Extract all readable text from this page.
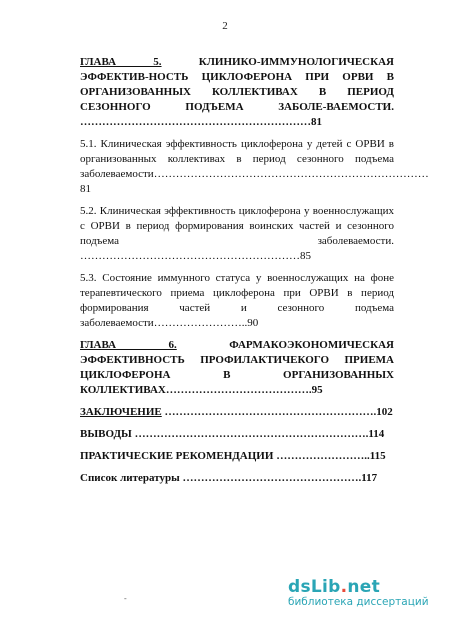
2
ГЛАВА 5. КЛИНИКО-ИММУНОЛОГИЧЕСКАЯ ЭФФЕКТИВ-НОСТЬ ЦИКЛОФЕРОНА ПРИ ОРВИ В ОРГАНИЗОВАННЫХ КОЛЛЕКТИВАХ В ПЕРИОД СЕЗОННОГО ПОДЪЕМА ЗАБОЛЕ-ВАЕМОСТИ. ………………………………………………………81
5.1. Клиническая эффективность циклоферона у детей с ОРВИ в организованных коллективах в период сезонного подъема заболеваемости…………………………………………………………………81
5.2. Клиническая эффективность циклоферона у военнослужащих с ОРВИ в период формирования воинских частей и сезонного подъема заболеваемости. ……………………………………………………85
5.3. Состояние иммунного статуса у военнослужащих на фоне терапевтического приема циклоферона при ОРВИ в период формирования частей и сезонного подъема заболеваемости……………………..90
ГЛАВА 6. ФАРМАКОЭКОНОМИЧЕСКАЯ ЭФФЕКТИВНОСТЬ ПРОФИЛАКТИЧЕКОГО ПРИЕМА ЦИКЛОФЕРОНА В ОРГАНИЗОВАННЫХ КОЛЛЕКТИВАХ………………………………….95
ЗАКЛЮЧЕНИЕ ………………………………………………….102
ВЫВОДЫ ……………………………………………………….114
ПРАКТИЧЕСКИЕ РЕКОМЕНДАЦИИ ……………………..115
Список литературы ………………………………………….117
-
dsLib.net
библиотека диссертаций
